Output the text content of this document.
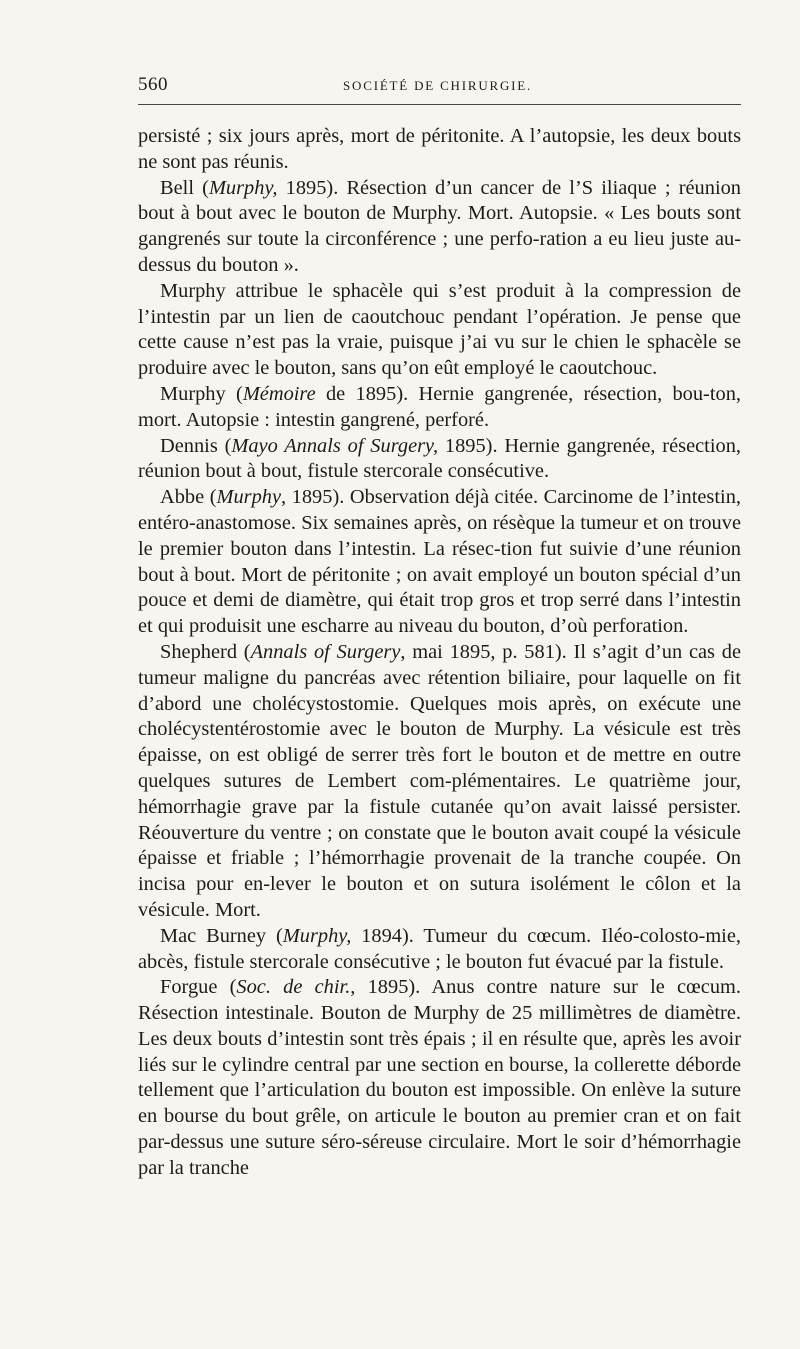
560	SOCIÉTÉ DE CHIRURGIE.

persisté ; six jours après, mort de péritonite. A l’autopsie, les deux bouts ne sont pas réunis.

Bell (Murphy, 1895). Résection d’un cancer de l’S iliaque ; réunion bout à bout avec le bouton de Murphy. Mort. Autopsie. « Les bouts sont gangrenés sur toute la circonférence ; une perfo-ration a eu lieu juste au-dessus du bouton ».

Murphy attribue le sphacèle qui s’est produit à la compression de l’intestin par un lien de caoutchouc pendant l’opération. Je pense que cette cause n’est pas la vraie, puisque j’ai vu sur le chien le sphacèle se produire avec le bouton, sans qu’on eût employé le caoutchouc.

Murphy (Mémoire de 1895). Hernie gangrenée, résection, bou-ton, mort. Autopsie : intestin gangrené, perforé.

Dennis (Mayo Annals of Surgery, 1895). Hernie gangrenée, résection, réunion bout à bout, fistule stercorale consécutive.

Abbe (Murphy, 1895). Observation déjà citée. Carcinome de l’intestin, entéro-anastomose. Six semaines après, on résèque la tumeur et on trouve le premier bouton dans l’intestin. La résec-tion fut suivie d’une réunion bout à bout. Mort de péritonite ; on avait employé un bouton spécial d’un pouce et demi de diamètre, qui était trop gros et trop serré dans l’intestin et qui produisit une escharre au niveau du bouton, d’où perforation.

Shepherd (Annals of Surgery, mai 1895, p. 581). Il s’agit d’un cas de tumeur maligne du pancréas avec rétention biliaire, pour laquelle on fit d’abord une cholécystostomie. Quelques mois après, on exécute une cholécystentérostomie avec le bouton de Murphy. La vésicule est très épaisse, on est obligé de serrer très fort le bouton et de mettre en outre quelques sutures de Lembert com-plémentaires. Le quatrième jour, hémorrhagie grave par la fistule cutanée qu’on avait laissé persister. Réouverture du ventre ; on constate que le bouton avait coupé la vésicule épaisse et friable ; l’hémorrhagie provenait de la tranche coupée. On incisa pour en-lever le bouton et on sutura isolément le côlon et la vésicule. Mort.

Mac Burney (Murphy, 1894). Tumeur du cœcum. Iléo-colosto-mie, abcès, fistule stercorale consécutive ; le bouton fut évacué par la fistule.

Forgue (Soc. de chir., 1895). Anus contre nature sur le cœcum. Résection intestinale. Bouton de Murphy de 25 millimètres de diamètre. Les deux bouts d’intestin sont très épais ; il en résulte que, après les avoir liés sur le cylindre central par une section en bourse, la collerette déborde tellement que l’articulation du bouton est impossible. On enlève la suture en bourse du bout grêle, on articule le bouton au premier cran et on fait par-dessus une suture séro-séreuse circulaire. Mort le soir d’hémorrhagie par la tranche
